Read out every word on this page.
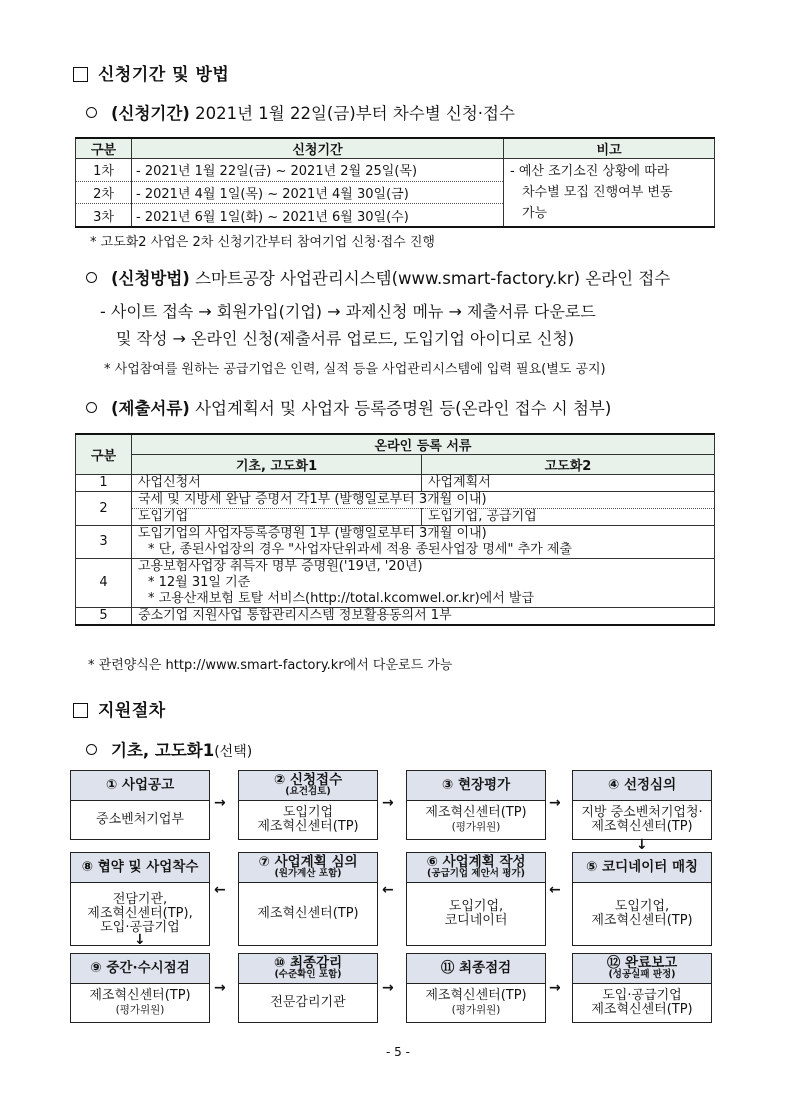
신청기간 및 방법
(신청기간) 2021년 1월 22일(금)부터 차수별 신청·접수
구분	신청기간	비고
1차	- 2021년 1월 22일(금) ~ 2021년 2월 25일(목)	- 예산 조기소진 상황에 따라
차수별 모집 진행여부 변동
가능

2차	- 2021년 4월 1일(목) ~ 2021년 4월 30일(금)	
3차	- 2021년 6월 1일(화) ~ 2021년 6월 30일(수)	
* 고도화2 사업은 2차 신청기간부터 참여기업 신청·접수 진행
(신청방법) 스마트공장 사업관리시스템(www.smart-factory.kr) 온라인 접수
- 사이트 접속 → 회원가입(기업) → 과제신청 메뉴 → 제출서류 다운로드
및 작성 → 온라인 신청(제출서류 업로드, 도입기업 아이디로 신청)
* 사업참여를 원하는 공급기업은 인력, 실적 등을 사업관리시스템에 입력 필요(별도 공지)
(제출서류) 사업계획서 및 사업자 등록증명원 등(온라인 접수 시 첨부)
구분	온라인 등록 서류	
	기초, 고도화1	고도화2
1	사업신청서	사업계획서
2	국세 및 지방세 완납 증명서 각1부 (발행일로부터 3개월 이내)	
	도입기업	도입기업, 공급기업
3	도입기업의 사업자등록증명원 1부 (발행일로부터 3개월 이내)
* 단, 종된사업장의 경우 "사업자단위과세 적용 종된사업장 명세" 추가 제출	

4	고용보험사업장 취득자 명부 증명원('19년, '20년)
* 12월 31일 기준
* 고용산재보험 토탈 서비스(http://total.kcomwel.or.kr)에서 발급	

5	중소기업 지원사업 통합관리시스템 정보활용동의서 1부	
* 관련양식은 http://www.smart-factory.kr에서 다운로드 가능
지원절차
기초, 고도화1(선택)
① 사업공고
중소벤처기업부
② 신청접수
(요건검토)
도입기업
제조혁신센터(TP)
③ 현장평가
제조혁신센터(TP)
(평가위원)
④ 선정심의
지방 중소벤처기업청·
제조혁신센터(TP)
⑤ 코디네이터 매칭
도입기업,
제조혁신센터(TP)
⑥ 사업계획 작성
(공급기업 제안서 평가)
도입기업,
코디네이터
⑦ 사업계획 심의
(원가계산 포함)
제조혁신센터(TP)
⑧ 협약 및 사업착수
전담기관,
제조혁신센터(TP),
도입·공급기업
⑨ 중간·수시점검
제조혁신센터(TP)
(평가위원)
⑩ 최종감리
(수준확인 포함)
전문감리기관
⑪ 최종점검
제조혁신센터(TP)
(평가위원)
⑫ 완료보고
(성공실패 판정)
도입·공급기업
제조혁신센터(TP)
→	→	→
↓
←
←
←
↓
→	→	→
- 5 -
